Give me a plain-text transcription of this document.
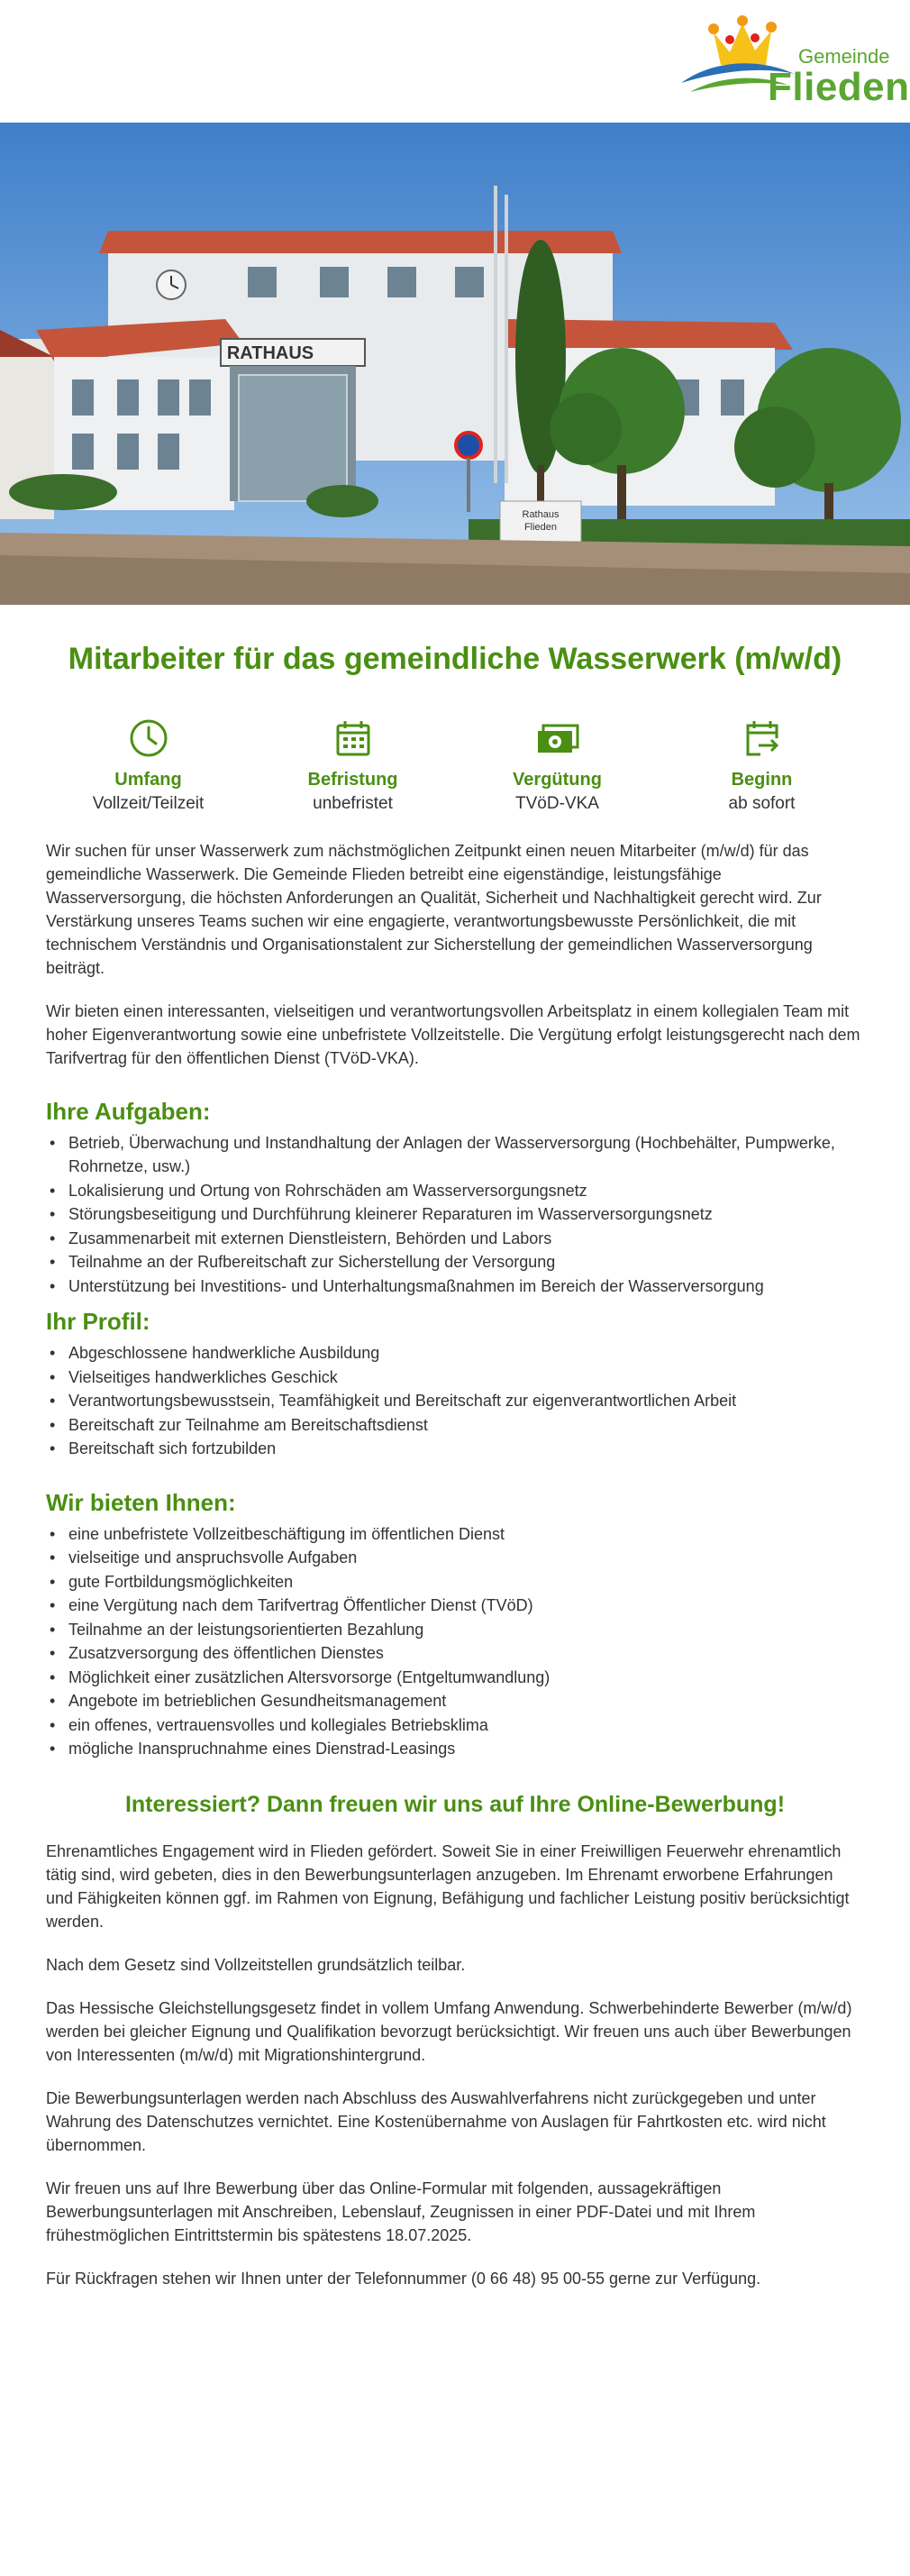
Gemeinde
Flieden
RATHAUS
Rathaus
Flieden
Mitarbeiter für das gemeindliche Wasserwerk (m/w/d)
Umfang
Vollzeit/Teilzeit
Befristung
unbefristet
Vergütung
TVöD-VKA
Beginn
ab sofort

Wir suchen für unser Wasserwerk zum nächstmöglichen Zeitpunkt einen neuen Mitarbeiter (m/w/d) für das gemeindliche Wasserwerk. Die Gemeinde Flieden betreibt eine eigenständige, leistungsfähige Wasserversorgung, die höchsten Anforderungen an Qualität, Sicherheit und Nachhaltigkeit gerecht wird. Zur Verstärkung unseres Teams suchen wir eine engagierte, verantwortungsbewusste Persönlichkeit, die mit technischem Verständnis und Organisationstalent zur Sicherstellung der gemeindlichen Wasserversorgung beiträgt.

Wir bieten einen interessanten, vielseitigen und verantwortungsvollen Arbeitsplatz in einem kollegialen Team mit hoher Eigenverantwortung sowie eine unbefristete Vollzeitstelle. Die Vergütung erfolgt leistungsgerecht nach dem Tarifvertrag für den öffentlichen Dienst (TVöD-VKA).

Ihre Aufgaben:
• Betrieb, Überwachung und Instandhaltung der Anlagen der Wasserversorgung (Hochbehälter, Pumpwerke, Rohrnetze, usw.)
• Lokalisierung und Ortung von Rohrschäden am Wasserversorgungsnetz
• Störungsbeseitigung und Durchführung kleinerer Reparaturen im Wasserversorgungsnetz
• Zusammenarbeit mit externen Dienstleistern, Behörden und Labors
• Teilnahme an der Rufbereitschaft zur Sicherstellung der Versorgung
• Unterstützung bei Investitions- und Unterhaltungsmaßnahmen im Bereich der Wasserversorgung
Ihr Profil:
• Abgeschlossene handwerkliche Ausbildung
• Vielseitiges handwerkliches Geschick
• Verantwortungsbewusstsein, Teamfähigkeit und Bereitschaft zur eigenverantwortlichen Arbeit
• Bereitschaft zur Teilnahme am Bereitschaftsdienst
• Bereitschaft sich fortzubilden
Wir bieten Ihnen:
• eine unbefristete Vollzeitbeschäftigung im öffentlichen Dienst
• vielseitige und anspruchsvolle Aufgaben
• gute Fortbildungsmöglichkeiten
• eine Vergütung nach dem Tarifvertrag Öffentlicher Dienst (TVöD)
• Teilnahme an der leistungsorientierten Bezahlung
• Zusatzversorgung des öffentlichen Dienstes
• Möglichkeit einer zusätzlichen Altersvorsorge (Entgeltumwandlung)
• Angebote im betrieblichen Gesundheitsmanagement
• ein offenes, vertrauensvolles und kollegiales Betriebsklima
• mögliche Inanspruchnahme eines Dienstrad-Leasings
Interessiert? Dann freuen wir uns auf Ihre Online-Bewerbung!

Ehrenamtliches Engagement wird in Flieden gefördert. Soweit Sie in einer Freiwilligen Feuerwehr ehrenamtlich tätig sind, wird gebeten, dies in den Bewerbungsunterlagen anzugeben. Im Ehrenamt erworbene Erfahrungen und Fähigkeiten können ggf. im Rahmen von Eignung, Befähigung und fachlicher Leistung positiv berücksichtigt werden.

Nach dem Gesetz sind Vollzeitstellen grundsätzlich teilbar.

Das Hessische Gleichstellungsgesetz findet in vollem Umfang Anwendung. Schwerbehinderte Bewerber (m/w/d) werden bei gleicher Eignung und Qualifikation bevorzugt berücksichtigt. Wir freuen uns auch über Bewerbungen von Interessenten (m/w/d) mit Migrationshintergrund.

Die Bewerbungsunterlagen werden nach Abschluss des Auswahlverfahrens nicht zurückgegeben und unter Wahrung des Datenschutzes vernichtet. Eine Kostenübernahme von Auslagen für Fahrtkosten etc. wird nicht übernommen.

Wir freuen uns auf Ihre Bewerbung über das Online-Formular mit folgenden, aussagekräftigen Bewerbungsunterlagen mit Anschreiben, Lebenslauf, Zeugnissen in einer PDF-Datei und mit Ihrem frühestmöglichen Eintrittstermin bis spätestens 18.07.2025.

Für Rückfragen stehen wir Ihnen unter der Telefonnummer (0 66 48) 95 00-55 gerne zur Verfügung.
